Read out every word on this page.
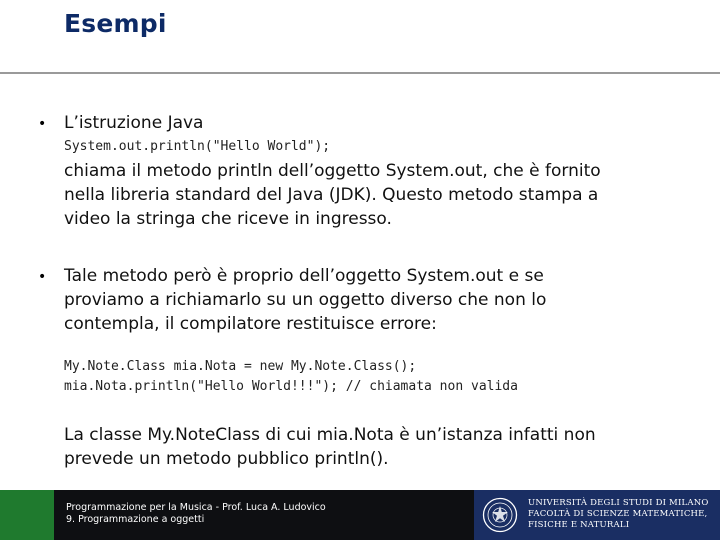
Esempi
• L’istruzione Java
System.out.println("Hello World");
chiama il metodo println dell’oggetto System.out, che è fornito
nella libreria standard del Java (JDK). Questo metodo stampa a
video la stringa che riceve in ingresso.
• Tale metodo però è proprio dell’oggetto System.out e se
proviamo a richiamarlo su un oggetto diverso che non lo
contempla, il compilatore restituisce errore:
My.Note.Class mia.Nota = new My.Note.Class();
mia.Nota.println("Hello World!!!"); // chiamata non valida
La classe My.NoteClass di cui mia.Nota è un’istanza infatti non
prevede un metodo pubblico println().
Programmazione per la Musica - Prof. Luca A. Ludovico
9. Programmazione a oggetti
UNIVERSITÀ DEGLI STUDI DI MILANO
FACOLTÀ DI SCIENZE MATEMATICHE,
FISICHE E NATURALI
